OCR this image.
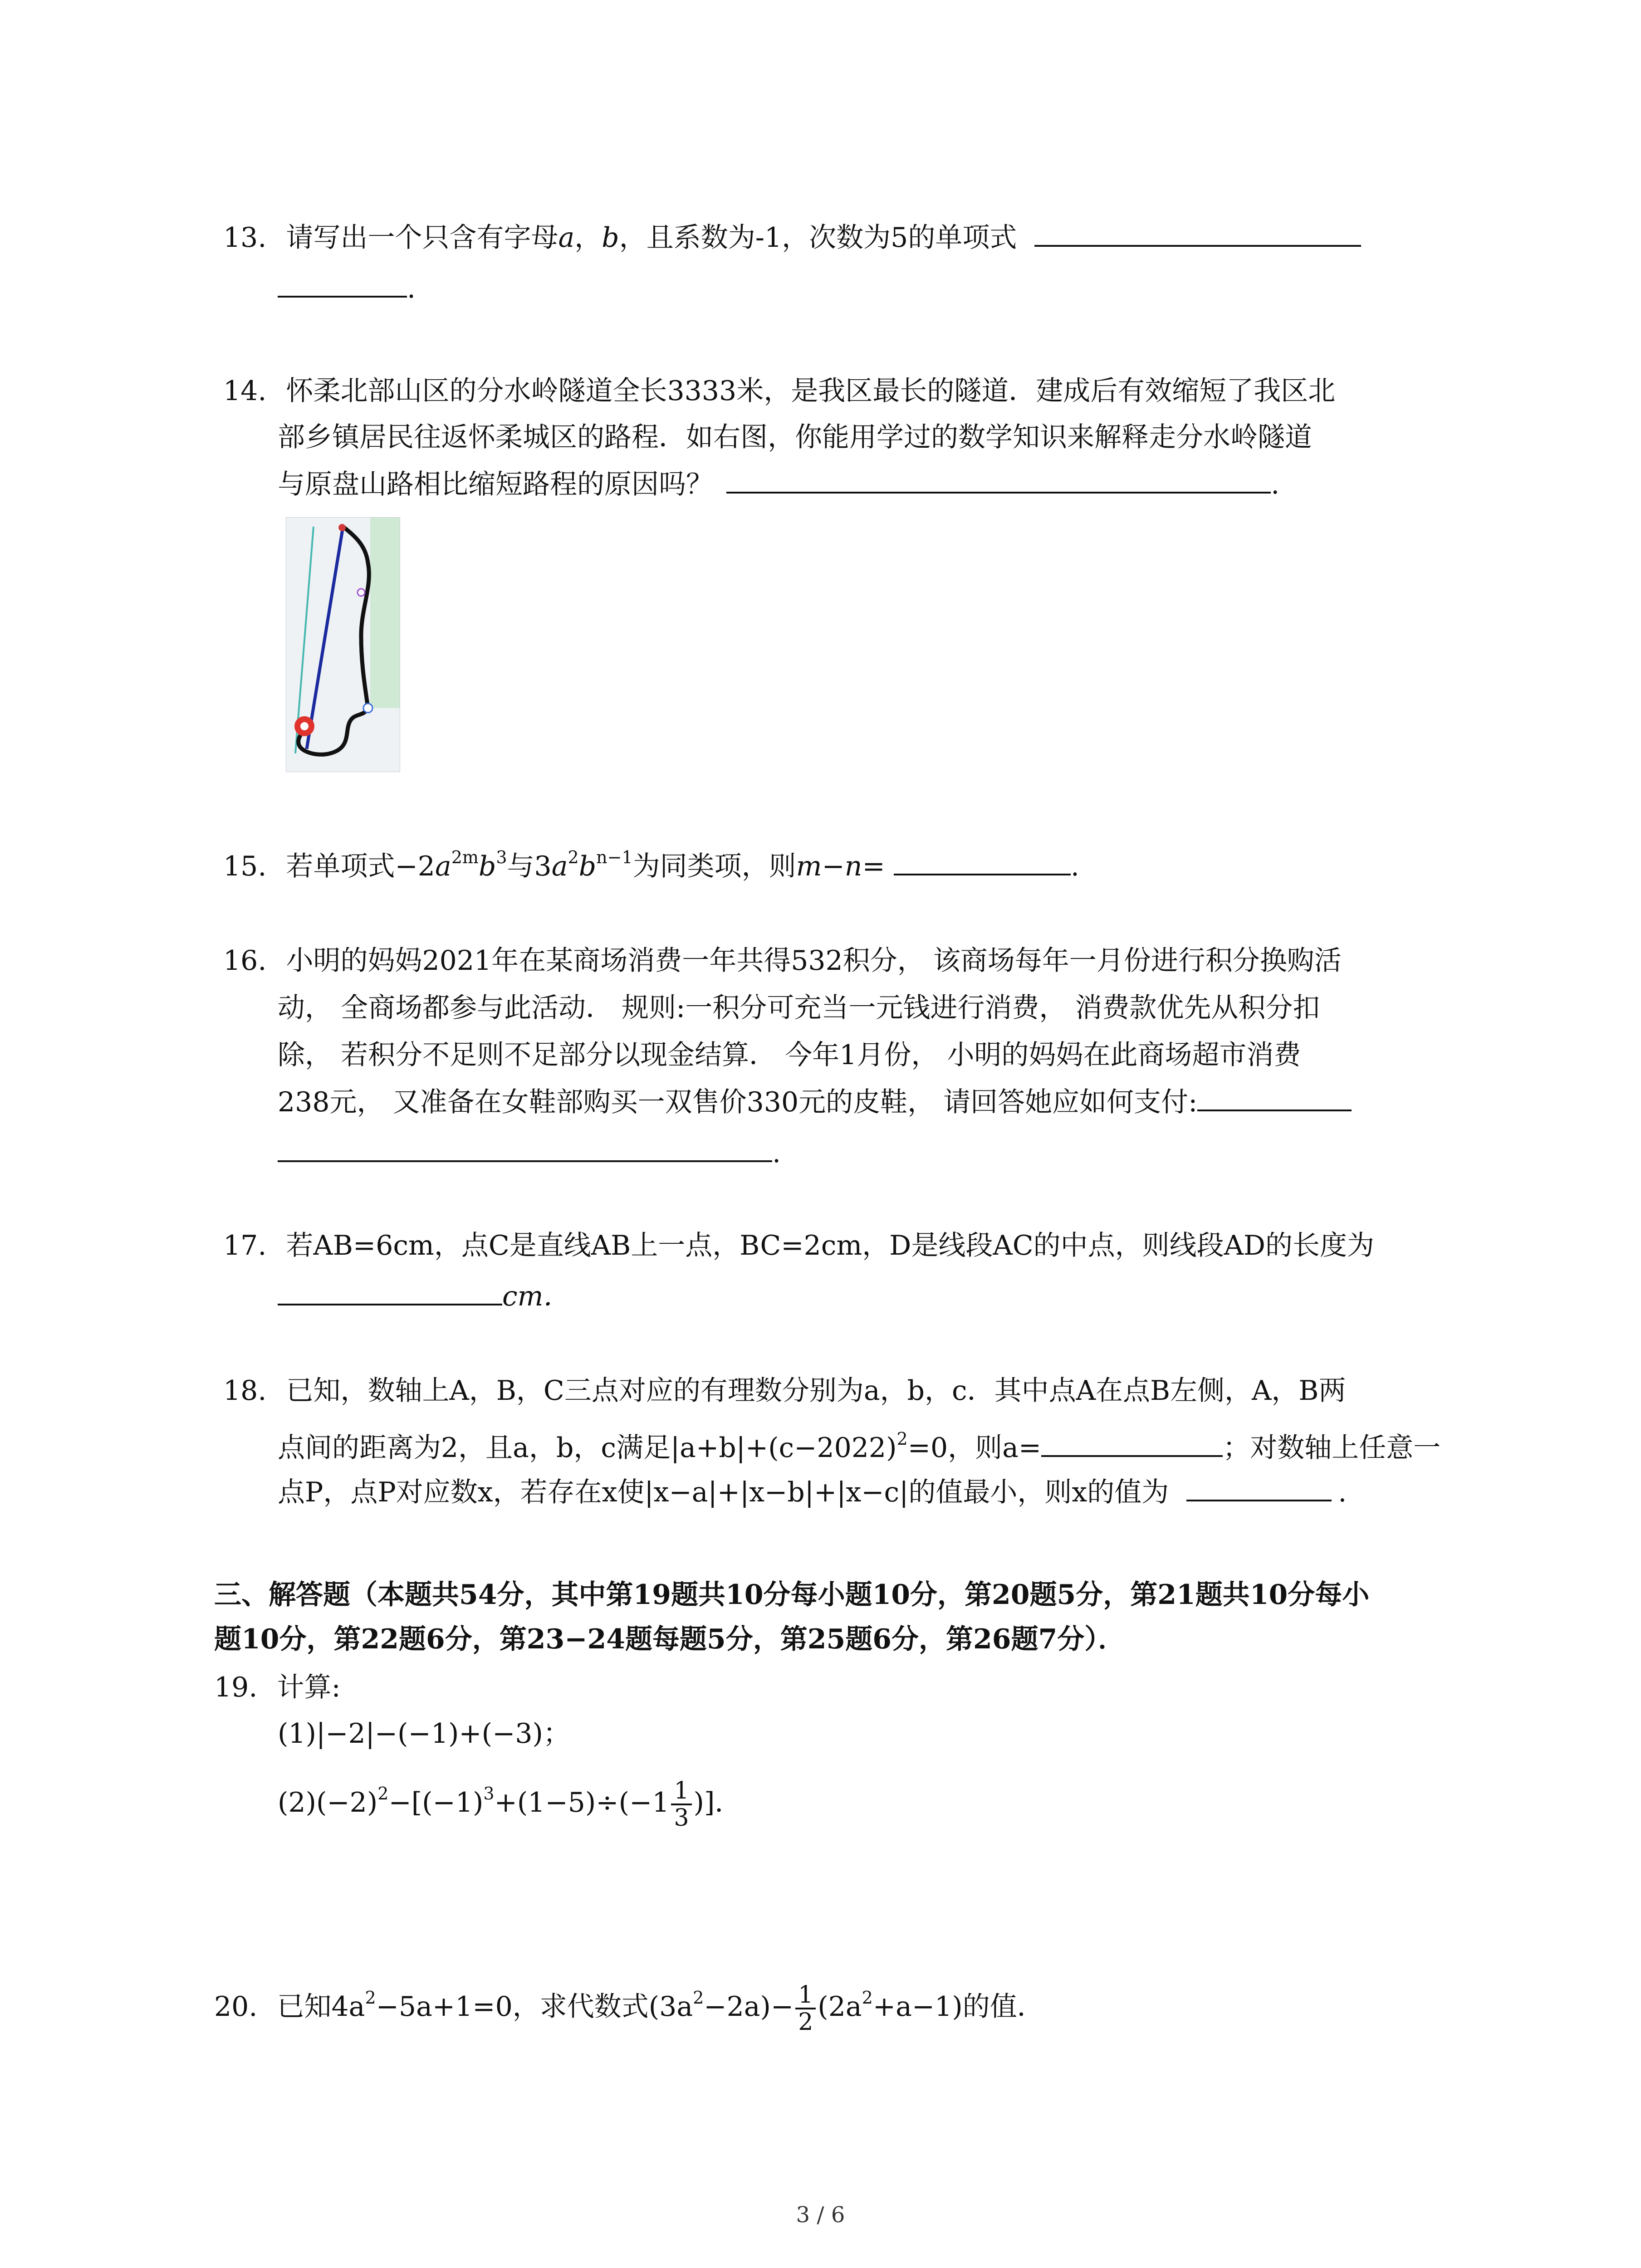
13. 请写出一个只含有字母a，b，且系数为-1，次数为5的单项式
.
14. 怀柔北部山区的分水岭隧道全长3333米，是我区最长的隧道．建成后有效缩短了我区北
部乡镇居民往返怀柔城区的路程．如右图，你能用学过的数学知识来解释走分水岭隧道
与原盘山路相比缩短路程的原因吗？	.
15. 若单项式$-2a^{2m}b^3$与$3a^2b^{n-1}$为同类项，则m−n=	.
16. 小明的妈妈2021年在某商场消费一年共得532积分， 该商场每年一月份进行积分换购活
动， 全商场都参与此活动． 规则:一积分可充当一元钱进行消费， 消费款优先从积分扣
除， 若积分不足则不足部分以现金结算． 今年1月份， 小明的妈妈在此商场超市消费
238元， 又准备在女鞋部购买一双售价330元的皮鞋， 请回答她应如何支付:
.
17. 若AB=6cm，点C是直线AB上一点，BC=2cm，D是线段AC的中点，则线段AD的长度为
cm．
18. 已知，数轴上A，B，C三点对应的有理数分别为a，b，c．其中点A在点B左侧，A，B两
点间的距离为2，且a，b，c满足$|a+b|+(c-2022)^2=0$，则a=	；对数轴上任意一
点P，点P对应数x，若存在x使|x−a|+|x−b|+|x−c|的值最小，则x的值为	.
三、解答题（本题共54分，其中第19题共10分每小题10分，第20题5分，第21题共10分每小
题10分，第22题6分，第23−24题每题5分，第25题6分，第26题7分）．
19. 计算:
(1)|−2|−(−1)+(−3)；
$(2)(-2)^2-[(-1)^3+(1-5)\div(-1 \frac{1}{3}$ )]．
20. 已知$4a^2-5a+1=0$，求代数式$(3a^2-2a)- \frac{1}{2} (2a^2+a-1)$的值．
3 / 6
